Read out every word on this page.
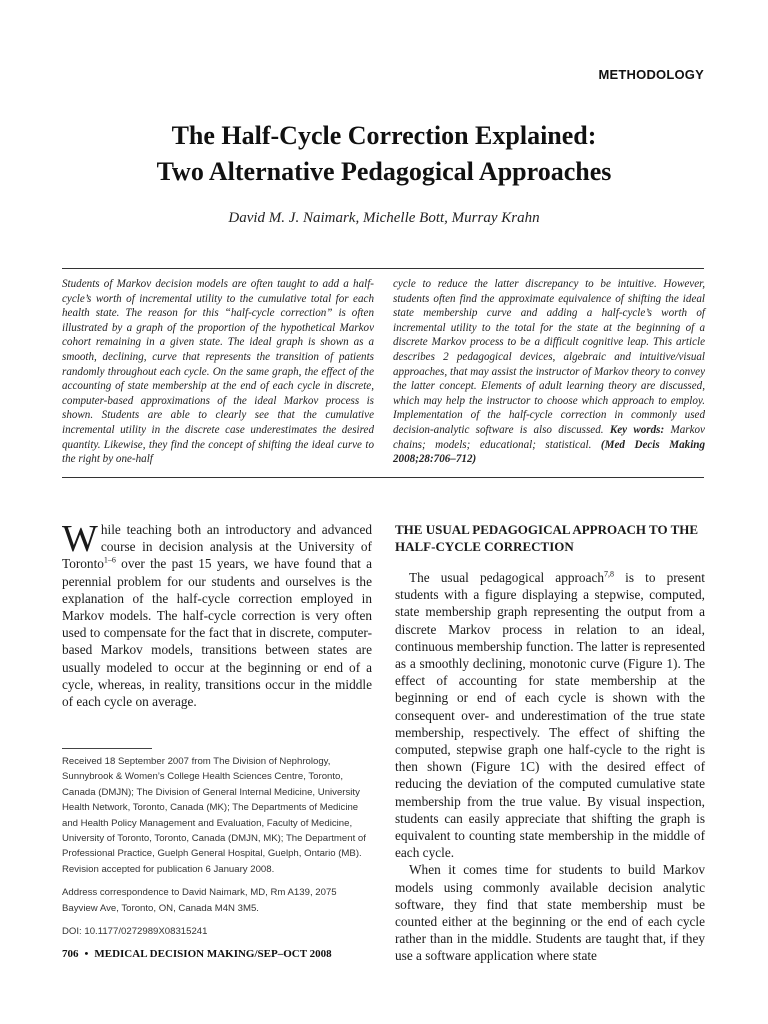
METHODOLOGY
The Half-Cycle Correction Explained:
Two Alternative Pedagogical Approaches
David M. J. Naimark, Michelle Bott, Murray Krahn
Students of Markov decision models are often taught to add a half-cycle’s worth of incremental utility to the cumulative total for each health state. The reason for this “half-cycle correction” is often illustrated by a graph of the proportion of the hypothetical Markov cohort remaining in a given state. The ideal graph is shown as a smooth, declining, curve that represents the transition of patients randomly throughout each cycle. On the same graph, the effect of the accounting of state membership at the end of each cycle in discrete, computer-based approximations of the ideal Markov process is shown. Students are able to clearly see that the cumulative incremental utility in the discrete case underestimates the desired quantity. Likewise, they find the concept of shifting the ideal curve to the right by one-half
cycle to reduce the latter discrepancy to be intuitive. However, students often find the approximate equivalence of shifting the ideal state membership curve and adding a half-cycle’s worth of incremental utility to the total for the state at the beginning of a discrete Markov process to be a difficult cognitive leap. This article describes 2 pedagogical devices, algebraic and intuitive/visual approaches, that may assist the instructor of Markov theory to convey the latter concept. Elements of adult learning theory are discussed, which may help the instructor to choose which approach to employ. Implementation of the half-cycle correction in commonly used decision-analytic software is also discussed. Key words: Markov chains; models; educational; statistical. (Med Decis Making 2008;28:706–712)

While teaching both an introductory and advanced course in decision analysis at the University of Toronto$^{1-6}$ over the past 15 years, we have found that a perennial problem for our students and ourselves is the explanation of the half-cycle correction employed in Markov models. The half-cycle correction is very often used to compensate for the fact that in discrete, computer-based Markov models, transitions between states are usually modeled to occur at the beginning or end of a cycle, whereas, in reality, transitions occur in the middle of each cycle on average.

Received 18 September 2007 from The Division of Nephrology, Sunnybrook & Women’s College Health Sciences Centre, Toronto, Canada (DMJN); The Division of General Internal Medicine, University Health Network, Toronto, Canada (MK); The Departments of Medicine and Health Policy Management and Evaluation, Faculty of Medicine, University of Toronto, Toronto, Canada (DMJN, MK); The Department of Professional Practice, Guelph General Hospital, Guelph, Ontario (MB). Revision accepted for publication 6 January 2008.

Address correspondence to David Naimark, MD, Rm A139, 2075 Bayview Ave, Toronto, ON, Canada M4N 3M5.

DOI: 10.1177/0272989X08315241

THE USUAL PEDAGOGICAL APPROACH TO THE HALF-CYCLE CORRECTION

The usual pedagogical approach$^{7,8}$ is to present students with a figure displaying a stepwise, computed, state membership graph representing the output from a discrete Markov process in relation to an ideal, continuous membership function. The latter is represented as a smoothly declining, monotonic curve (Figure 1). The effect of accounting for state membership at the beginning or end of each cycle is shown with the consequent over- and underestimation of the true state membership, respectively. The effect of shifting the computed, stepwise graph one half-cycle to the right is then shown (Figure 1C) with the desired effect of reducing the deviation of the computed cumulative state membership from the true value. By visual inspection, students can easily appreciate that shifting the graph is equivalent to counting state membership in the middle of each cycle.

When it comes time for students to build Markov models using commonly available decision analytic software, they find that state membership must be counted either at the beginning or the end of each cycle rather than in the middle. Students are taught that, if they use a software application where state

706 • MEDICAL DECISION MAKING/SEP–OCT 2008
